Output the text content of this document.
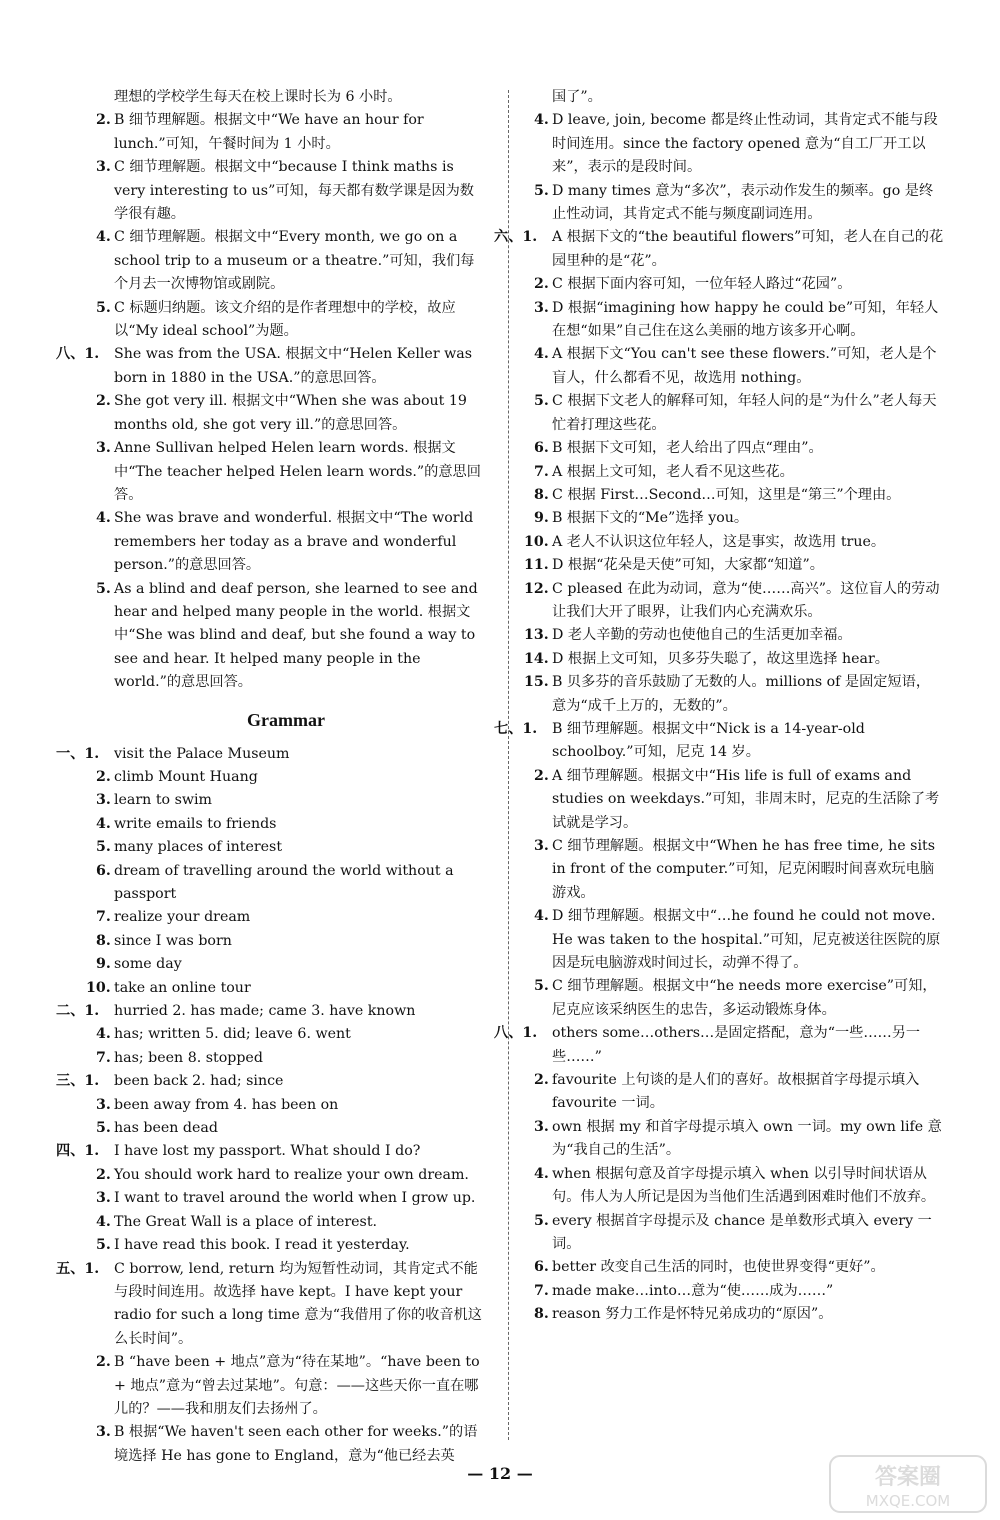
理想的学校学生每天在校上课时长为 6 小时。
2. B 细节理解题。根据文中“We have an hour for lunch.”可知，午餐时间为 1 小时。
3. C 细节理解题。根据文中“because I think maths is very interesting to us”可知，每天都有数学课是因为数学很有趣。
4. C 细节理解题。根据文中“Every month, we go on a school trip to a museum or a theatre.”可知，我们每个月去一次博物馆或剧院。
5. C 标题归纳题。该文介绍的是作者理想中的学校，故应以“My ideal school”为题。
八、1. She was from the USA. 根据文中“Helen Keller was born in 1880 in the USA.”的意思回答。
2. She got very ill. 根据文中“When she was about 19 months old, she got very ill.”的意思回答。
3. Anne Sullivan helped Helen learn words. 根据文中“The teacher helped Helen learn words.”的意思回答。
4. She was brave and wonderful. 根据文中“The world remembers her today as a brave and wonderful person.”的意思回答。
5. As a blind and deaf person, she learned to see and hear and helped many people in the world. 根据文中“She was blind and deaf, but she found a way to see and hear. It helped many people in the world.”的意思回答。
Grammar
一、1. visit the Palace Museum
2. climb Mount Huang
3. learn to swim
4. write emails to friends
5. many places of interest
6. dream of travelling around the world without a passport
7. realize your dream
8. since I was born
9. some day
10. take an online tour
二、1. hurried 2. has made; came 3. have known
4. has; written 5. did; leave 6. went
7. has; been 8. stopped
三、1. been back 2. had; since
3. been away from 4. has been on
5. has been dead
四、1. I have lost my passport. What should I do?
2. You should work hard to realize your own dream.
3. I want to travel around the world when I grow up.
4. The Great Wall is a place of interest.
5. I have read this book. I read it yesterday.
五、1. C borrow, lend, return 均为短暂性动词，其肯定式不能与段时间连用。故选择 have kept。I have kept your radio for such a long time 意为“我借用了你的收音机这么长时间”。
2. B “have been + 地点”意为“待在某地”。“have been to + 地点”意为“曾去过某地”。句意：——这些天你一直在哪儿的？——我和朋友们去扬州了。
3. B 根据“We haven't seen each other for weeks.”的语境选择 He has gone to England，意为“他已经去英
国了”。
4. D leave, join, become 都是终止性动词，其肯定式不能与段时间连用。since the factory opened 意为“自工厂开工以来”，表示的是段时间。
5. D many times 意为“多次”，表示动作发生的频率。go 是终止性动词，其肯定式不能与频度副词连用。
六、1. A 根据下文的“the beautiful flowers”可知，老人在自己的花园里种的是“花”。
2. C 根据下面内容可知，一位年轻人路过“花园”。
3. D 根据“imagining how happy he could be”可知，年轻人在想“如果”自己住在这么美丽的地方该多开心啊。
4. A 根据下文“You can't see these flowers.”可知，老人是个盲人，什么都看不见，故选用 nothing。
5. C 根据下文老人的解释可知，年轻人问的是“为什么”老人每天忙着打理这些花。
6. B 根据下文可知，老人给出了四点“理由”。
7. A 根据上文可知，老人看不见这些花。
8. C 根据 First…Second…可知，这里是“第三”个理由。
9. B 根据下文的“Me”选择 you。
10. A 老人不认识这位年轻人，这是事实，故选用 true。
11. D 根据“花朵是天使”可知，大家都“知道”。
12. C pleased 在此为动词，意为“使……高兴”。这位盲人的劳动让我们大开了眼界，让我们内心充满欢乐。
13. D 老人辛勤的劳动也使他自己的生活更加幸福。
14. D 根据上文可知，贝多芬失聪了，故这里选择 hear。
15. B 贝多芬的音乐鼓励了无数的人。millions of 是固定短语，意为“成千上万的，无数的”。
七、1. B 细节理解题。根据文中“Nick is a 14-year-old schoolboy.”可知，尼克 14 岁。
2. A 细节理解题。根据文中“His life is full of exams and studies on weekdays.”可知，非周末时，尼克的生活除了考试就是学习。
3. C 细节理解题。根据文中“When he has free time, he sits in front of the computer.”可知，尼克闲暇时间喜欢玩电脑游戏。
4. D 细节理解题。根据文中“…he found he could not move. He was taken to the hospital.”可知，尼克被送往医院的原因是玩电脑游戏时间过长，动弹不得了。
5. C 细节理解题。根据文中“he needs more exercise”可知，尼克应该采纳医生的忠告，多运动锻炼身体。
八、1. others some…others…是固定搭配，意为“一些……另一些……”
2. favourite 上句谈的是人们的喜好。故根据首字母提示填入 favourite 一词。
3. own 根据 my 和首字母提示填入 own 一词。my own life 意为“我自己的生活”。
4. when 根据句意及首字母提示填入 when 以引导时间状语从句。伟人为人所记是因为当他们生活遇到困难时他们不放弃。
5. every 根据首字母提示及 chance 是单数形式填入 every 一词。
6. better 改变自己生活的同时，也使世界变得“更好”。
7. made make…into…意为“使……成为……”
8. reason 努力工作是怀特兄弟成功的“原因”。
— 12 —	答案圈
MXQE.COM
